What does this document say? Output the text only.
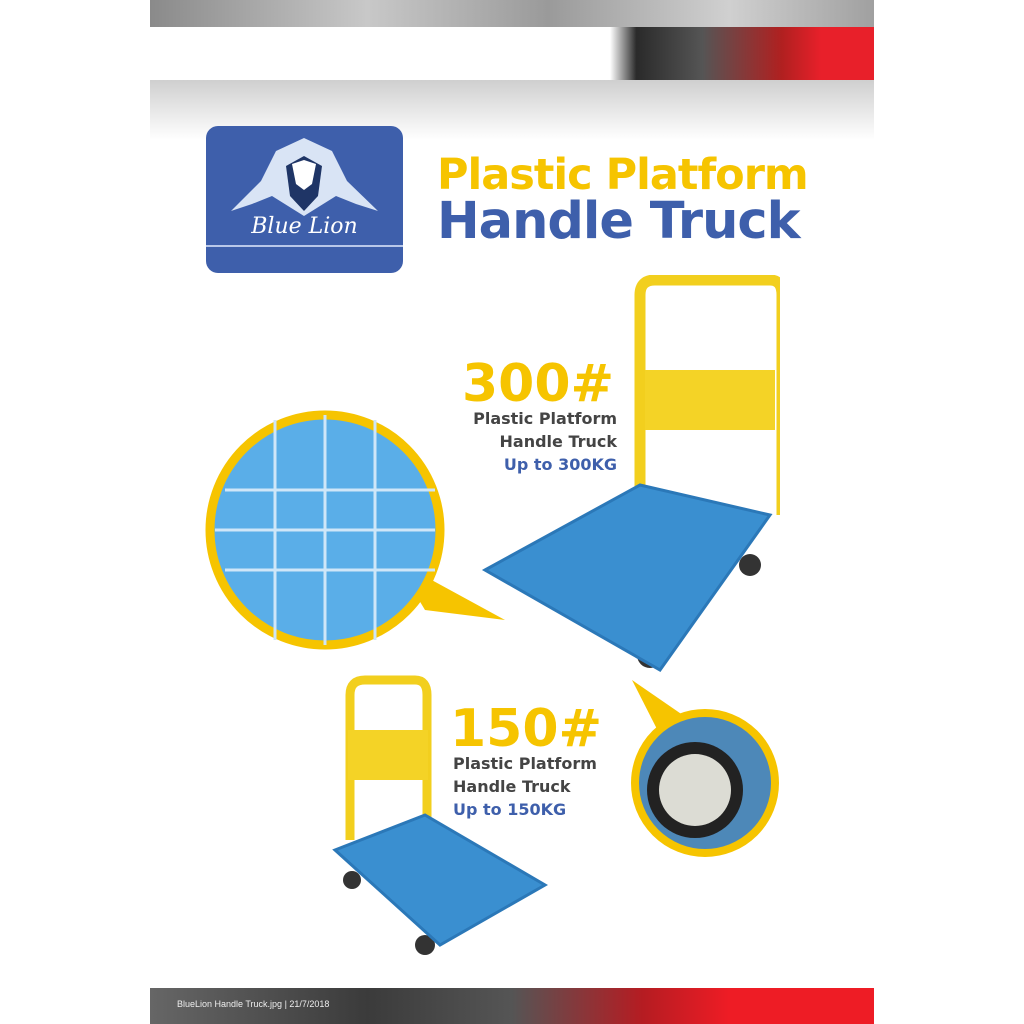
Blue Lion
Plastic Platform
Handle Truck
300#
Plastic Platform
Handle Truck
Up to 300KG
150#
Plastic Platform
Handle Truck
Up to 150KG
BlueLion Handle Truck.jpg | 21/7/2018
